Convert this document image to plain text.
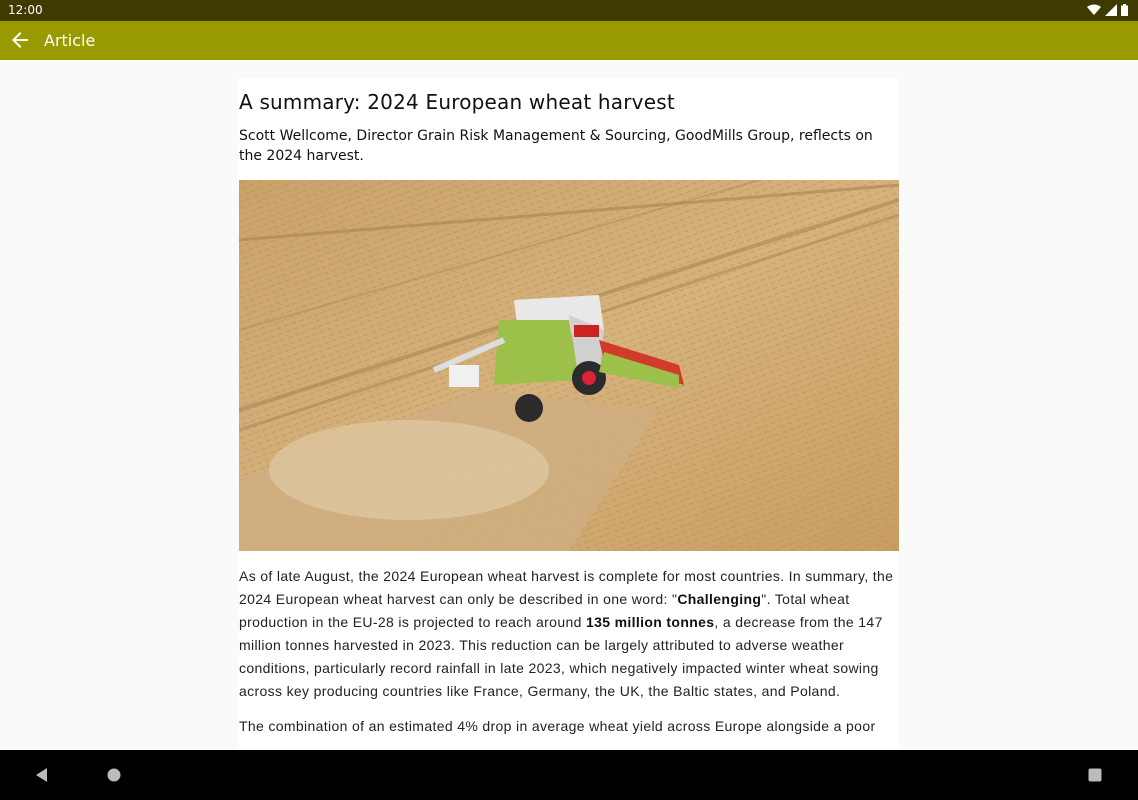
12:00
Article
A summary: 2024 European wheat harvest

Scott Wellcome, Director Grain Risk Management & Sourcing, GoodMills Group, reflects on the 2024 harvest.

As of late August, the 2024 European wheat harvest is complete for most countries. In summary, the 2024 European wheat harvest can only be described in one word: "Challenging". Total wheat production in the EU-28 is projected to reach around 135 million tonnes, a decrease from the 147 million tonnes harvested in 2023. This reduction can be largely attributed to adverse weather conditions, particularly record rainfall in late 2023, which negatively impacted winter wheat sowing across key producing countries like France, Germany, the UK, the Baltic states, and Poland.

The combination of an estimated 4% drop in average wheat yield across Europe alongside a poor
